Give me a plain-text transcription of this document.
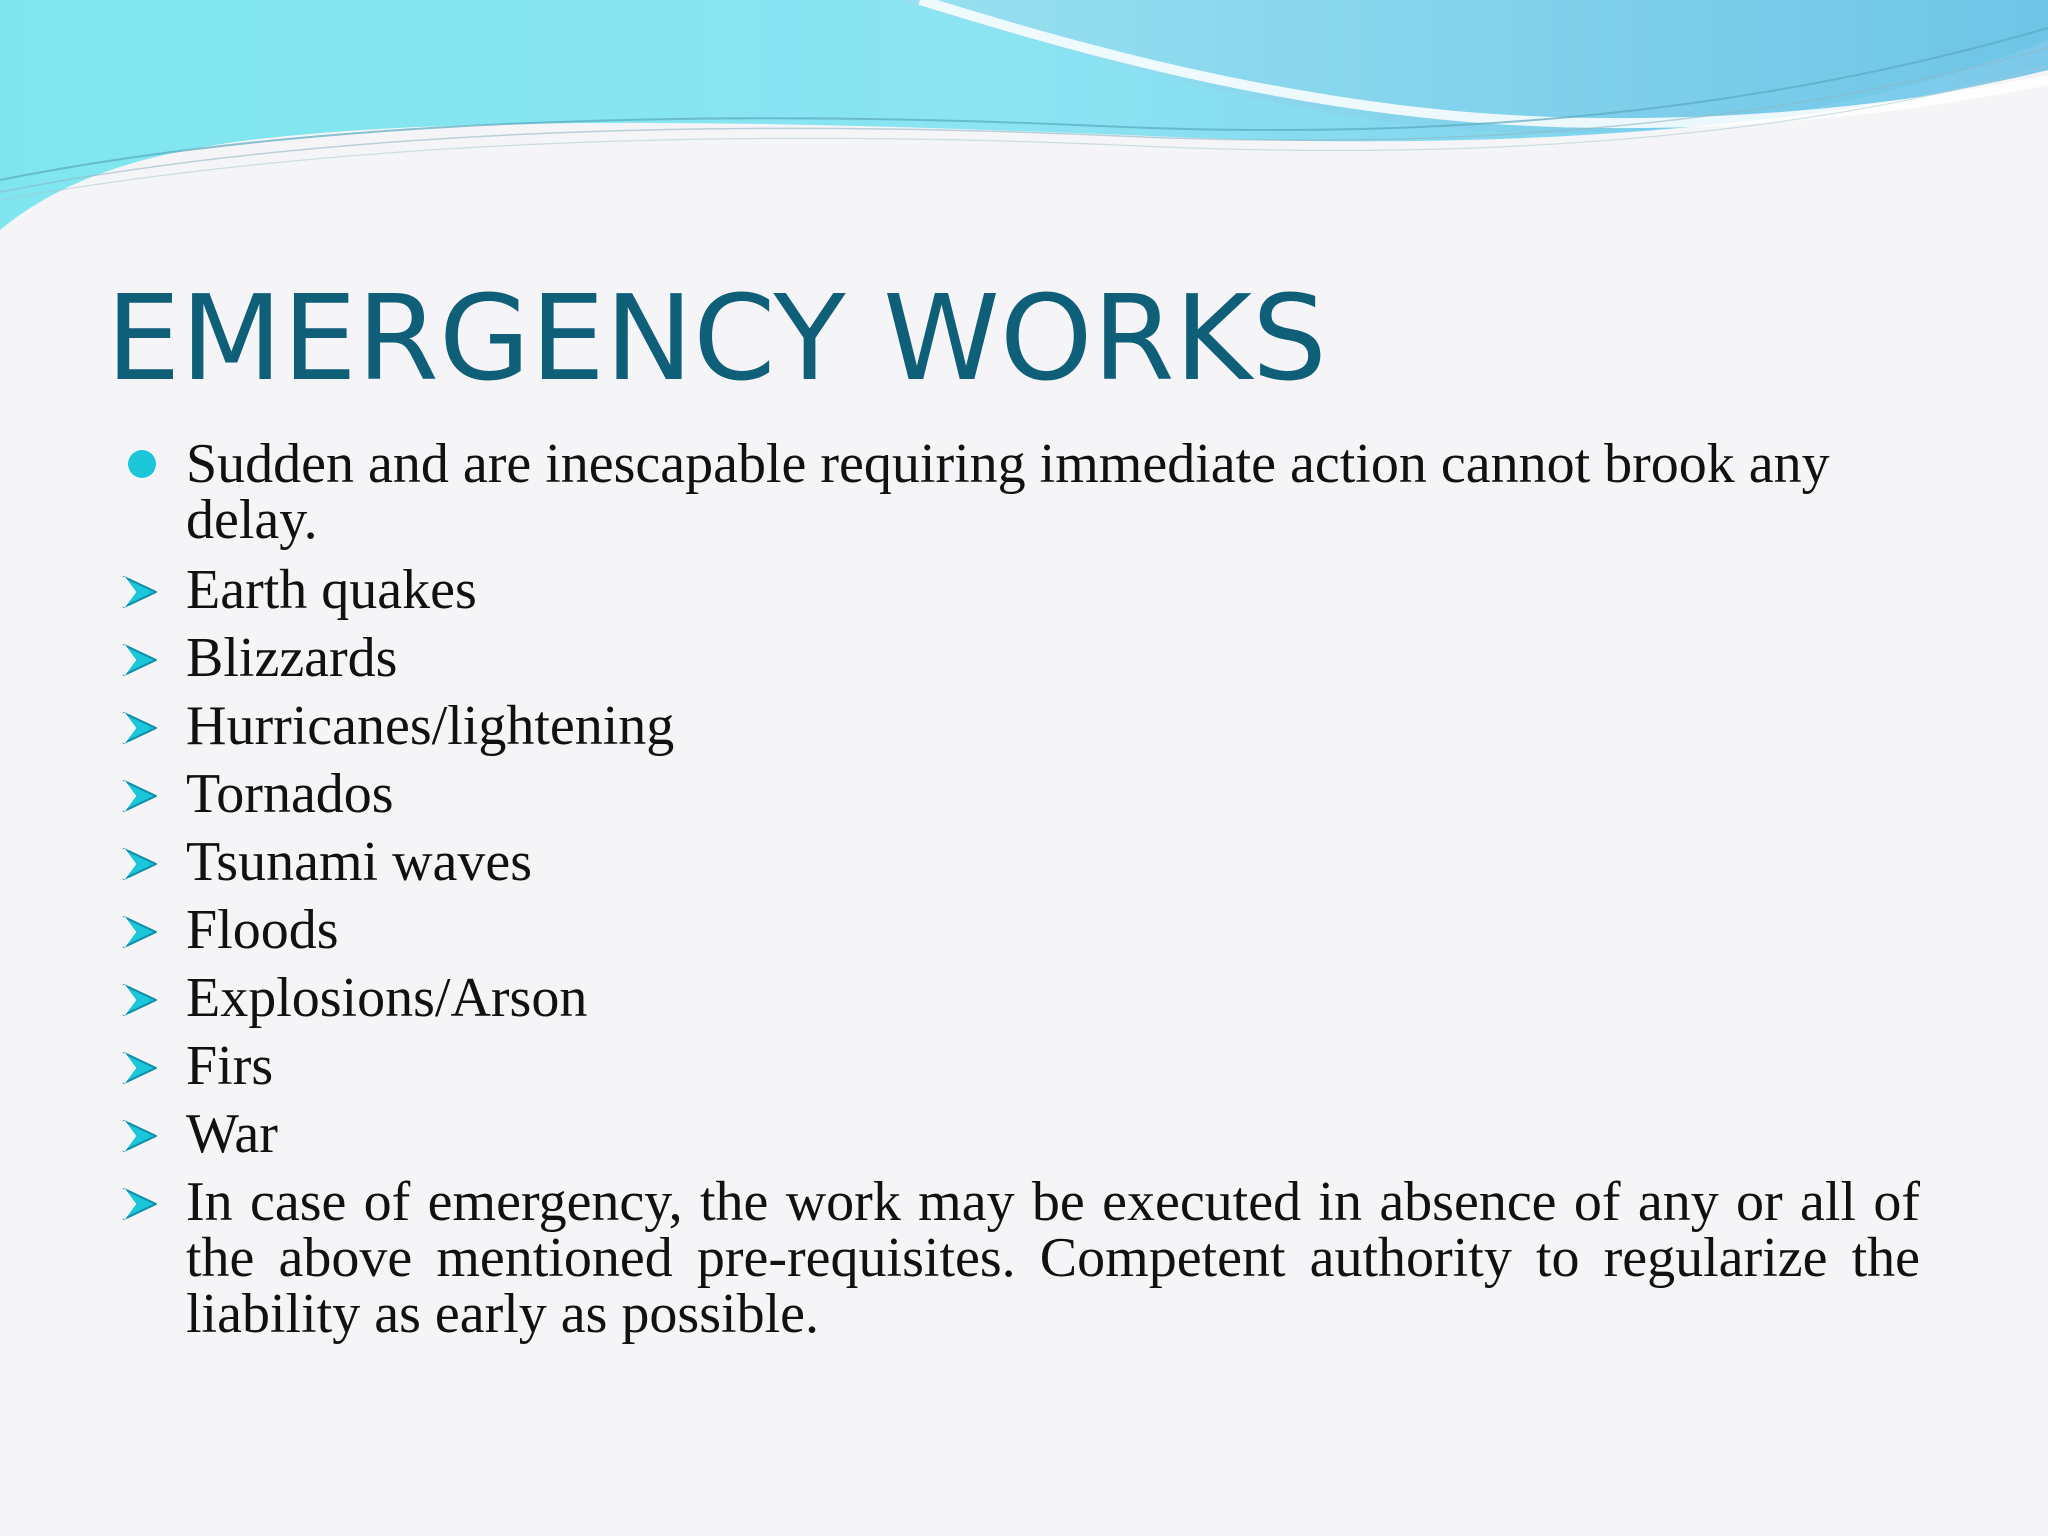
EMERGENCY WORKS
Sudden and are inescapable requiring immediate action cannot brook any delay.
Earth quakes
Blizzards
Hurricanes/lightening
Tornados
Tsunami waves
Floods
Explosions/Arson
Firs
War
In case of emergency, the work may be executed in absence of any or all of the above mentioned pre-requisites. Competent authority to regularize the liability as early as possible.
